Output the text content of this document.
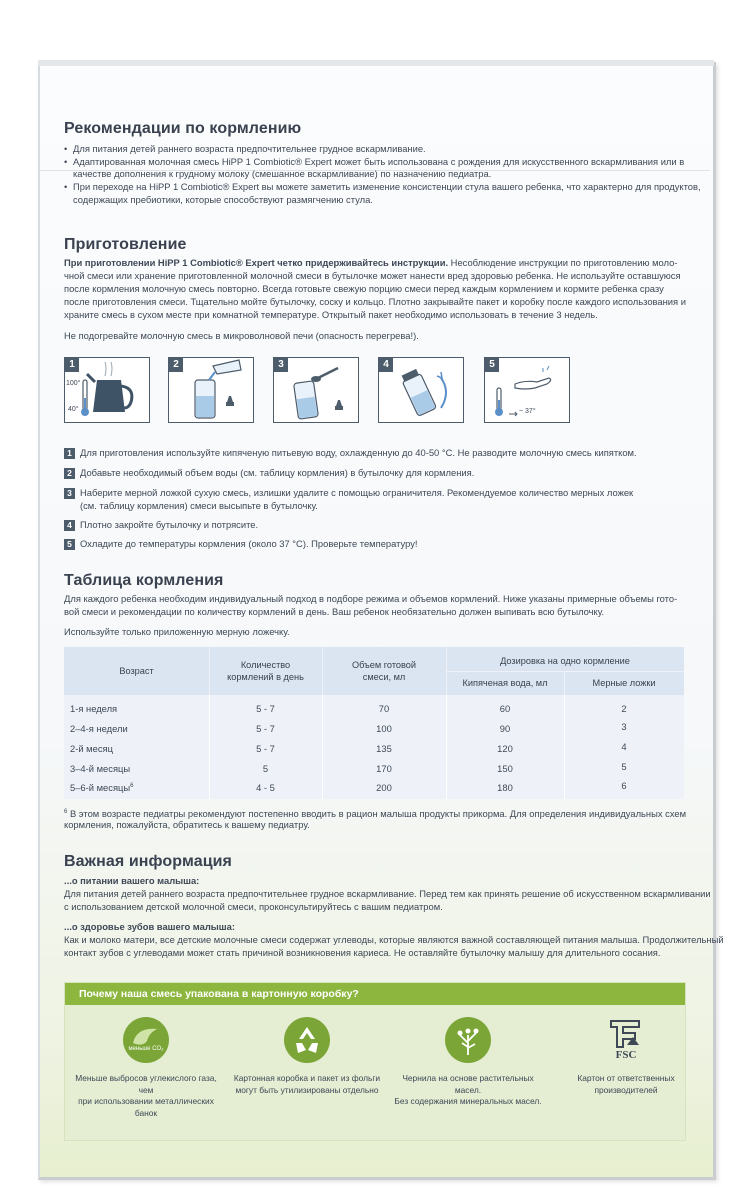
Рекомендации по кормлению
• Для питания детей раннего возраста предпочтительнее грудное вскармливание.
• Адаптированная молочная смесь HiPP 1 Combiotic® Expert может быть использована с рождения для искусственного вскармливания или в
качестве дополнения к грудному молоку (смешанное вскармливание) по назначению педиатра.
• При переходе на HiPP 1 Combiotic® Expert вы можете заметить изменение консистенции стула вашего ребенка, что характерно для продуктов,
содержащих пребиотики, которые способствуют размягчению стула.
Приготовление
При приготовлении HiPP 1 Combiotic® Expert четко придерживайтесь инструкции. Несоблюдение инструкции по приготовлению моло-
чной смеси или хранение приготовленной молочной смеси в бутылочке может нанести вред здоровью ребенка. Не используйте оставшуюся
после кормления молочную смесь повторно. Всегда готовьте свежую порцию смеси перед каждым кормлением и кормите ребенка сразу
после приготовления смеси. Тщательно мойте бутылочку, соску и кольцо. Плотно закрывайте пакет и коробку после каждого использования и
храните смесь в сухом месте при комнатной температуре. Открытый пакет необходимо использовать в течение 3 недель.
Не подогревайте молочную смесь в микроволновой печи (опасность перегрева!).
1
100°
40°
2	3	4	5
~ 37°
1 Для приготовления используйте кипяченую питьевую воду, охлажденную до 40-50 °C. Не разводите молочную смесь кипятком.
2 Добавьте необходимый объем воды (см. таблицу кормления) в бутылочку для кормления.
3 Наберите мерной ложкой сухую смесь, излишки удалите с помощью ограничителя. Рекомендуемое количество мерных ложек
(см. таблицу кормления) смеси высыпьте в бутылочку.
4 Плотно закройте бутылочку и потрясите.
5 Охладите до температуры кормления (около 37 °C). Проверьте температуру!
Таблица кормления
Для каждого ребенка необходим индивидуальный подход в подборе режима и объемов кормлений. Ниже указаны примерные объемы гото-
вой смеси и рекомендации по количеству кормлений в день. Ваш ребенок необязательно должен выпивать всю бутылочку.
Используйте только приложенную мерную ложечку.
Возраст
Количество
кормлений в день
Объем готовой
смеси, мл
Дозировка на одно кормление
Кипяченая вода, мл	Мерные ложки
1-я неделя	5 - 7	70	60	2
2–4-я недели	5 - 7	100	90	3
2-й месяц	5 - 7	135	120	4
3–4-й месяцы	5	170	150	5
5–6-й месяцы$^6$	4 - 5	200	180	6
$^6$ В этом возрасте педиатры рекомендуют постепенно вводить в рацион малыша продукты прикорма. Для определения индивидуальных схем
кормления, пожалуйста, обратитесь к вашему педиатру.
Важная информация
...о питании вашего малыша:
Для питания детей раннего возраста предпочтительнее грудное вскармливание. Перед тем как принять решение об искусственном вскармливании
с использованием детской молочной смеси, проконсультируйтесь с вашим педиатром.
...о здоровье зубов вашего малыша:
Как и молоко матери, все детские молочные смеси содержат углеводы, которые являются важной составляющей питания малыша. Продолжительный
контакт зубов с углеводами может стать причиной возникновения кариеса. Не оставляйте бутылочку малышу для длительного сосания.
Почему наша смесь упакована в картонную коробку?
меньше CO₂	FSC
Меньше выбросов углекислого газа, чем
при использовании металлических банок
Картонная коробка и пакет из фольги
могут быть утилизированы отдельно
Чернила на основе растительных масел.
Без содержания минеральных масел.
Картон от ответственных
производителей
